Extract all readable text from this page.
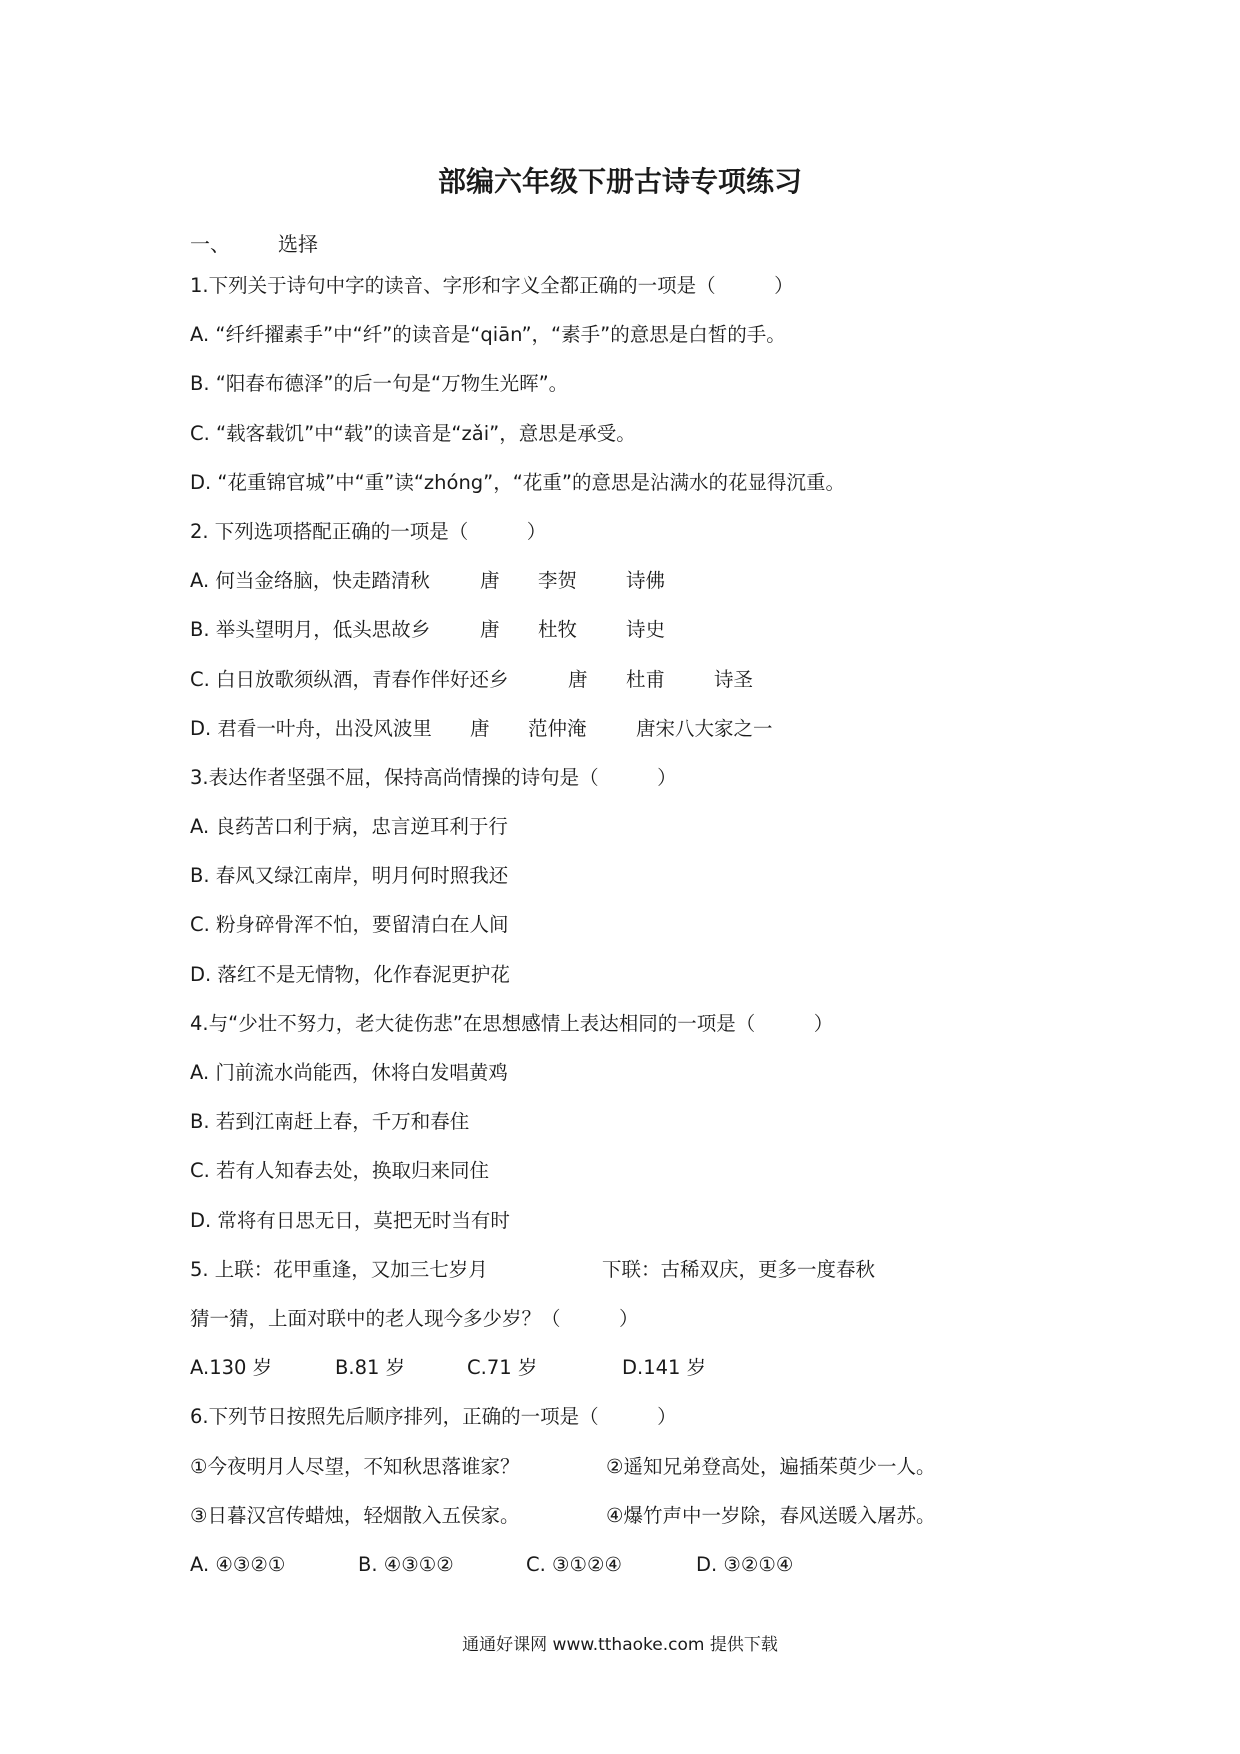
部编六年级下册古诗专项练习
一、 选择
1.下列关于诗句中字的读音、字形和字义全都正确的一项是（　　　）
A. “纤纤擢素手”中“纤”的读音是“qiān”，“素手”的意思是白皙的手。
B. “阳春布德泽”的后一句是“万物生光晖”。
C. “载客载饥”中“载”的读音是“zǎi”，意思是承受。
D. “花重锦官城”中“重”读“zhóng”，“花重”的意思是沾满水的花显得沉重。
2. 下列选项搭配正确的一项是（　　　）
A. 何当金络脑，快走踏清秋	唐 李贺	诗佛
B. 举头望明月，低头思故乡	唐 杜牧	诗史
C. 白日放歌须纵酒，青春作伴好还乡	唐 杜甫	诗圣
D. 君看一叶舟，出没风波里 唐 范仲淹	唐宋八大家之一
3.表达作者坚强不屈，保持高尚情操的诗句是（　　　）
A. 良药苦口利于病，忠言逆耳利于行
B. 春风又绿江南岸，明月何时照我还
C. 粉身碎骨浑不怕，要留清白在人间
D. 落红不是无情物，化作春泥更护花
4.与“少壮不努力，老大徒伤悲”在思想感情上表达相同的一项是（　　　）
A. 门前流水尚能西，休将白发唱黄鸡
B. 若到江南赶上春，千万和春住
C. 若有人知春去处，换取归来同住
D. 常将有日思无日，莫把无时当有时
5. 上联：花甲重逢，又加三七岁月	下联：古稀双庆，更多一度春秋
猜一猜，上面对联中的老人现今多少岁？（　　　）
A.130 岁	B.81 岁	C.71 岁	D.141 岁
6.下列节日按照先后顺序排列，正确的一项是（　　　）
①今夜明月人尽望，不知秋思落谁家？	②遥知兄弟登高处，遍插茱萸少一人。
③日暮汉宫传蜡烛，轻烟散入五侯家。	④爆竹声中一岁除，春风送暖入屠苏。
A. ④③②①	B. ④③①②	C. ③①②④	D. ③②①④
通通好课网 www.tthaoke.com 提供下载
